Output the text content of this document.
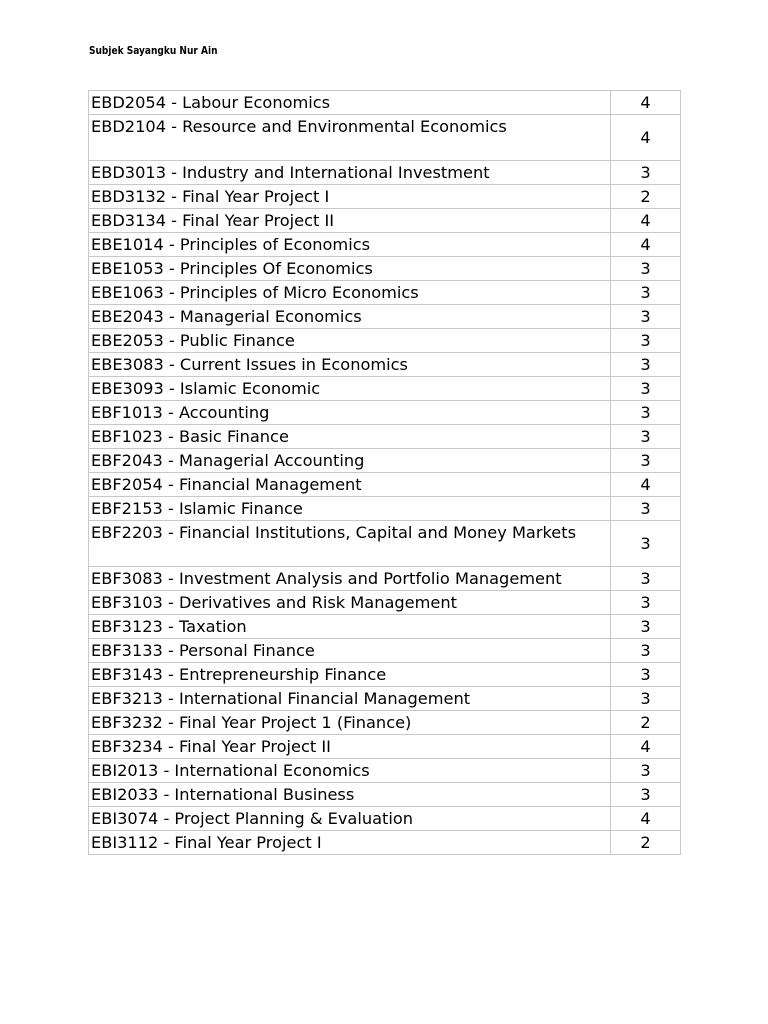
Subjek Sayangku Nur Ain
EBD2054 - Labour Economics	4

EBD2104 - Resource and Environmental Economics	4

EBD3013 - Industry and International Investment	3

EBD3132 - Final Year Project I	2

EBD3134 - Final Year Project II	4

EBE1014 - Principles of Economics	4

EBE1053 - Principles Of Economics	3

EBE1063 - Principles of Micro Economics	3

EBE2043 - Managerial Economics	3

EBE2053 - Public Finance	3

EBE3083 - Current Issues in Economics	3

EBE3093 - Islamic Economic	3

EBF1013 - Accounting	3

EBF1023 - Basic Finance	3

EBF2043 - Managerial Accounting	3

EBF2054 - Financial Management	4

EBF2153 - Islamic Finance	3

EBF2203 - Financial Institutions, Capital and Money Markets	3

EBF3083 - Investment Analysis and Portfolio Management	3

EBF3103 - Derivatives and Risk Management	3

EBF3123 - Taxation	3

EBF3133 - Personal Finance	3

EBF3143 - Entrepreneurship Finance	3

EBF3213 - International Financial Management	3

EBF3232 - Final Year Project 1 (Finance)	2

EBF3234 - Final Year Project II	4

EBI2013 - International Economics	3

EBI2033 - International Business	3

EBI3074 - Project Planning & Evaluation	4

EBI3112 - Final Year Project I	2
